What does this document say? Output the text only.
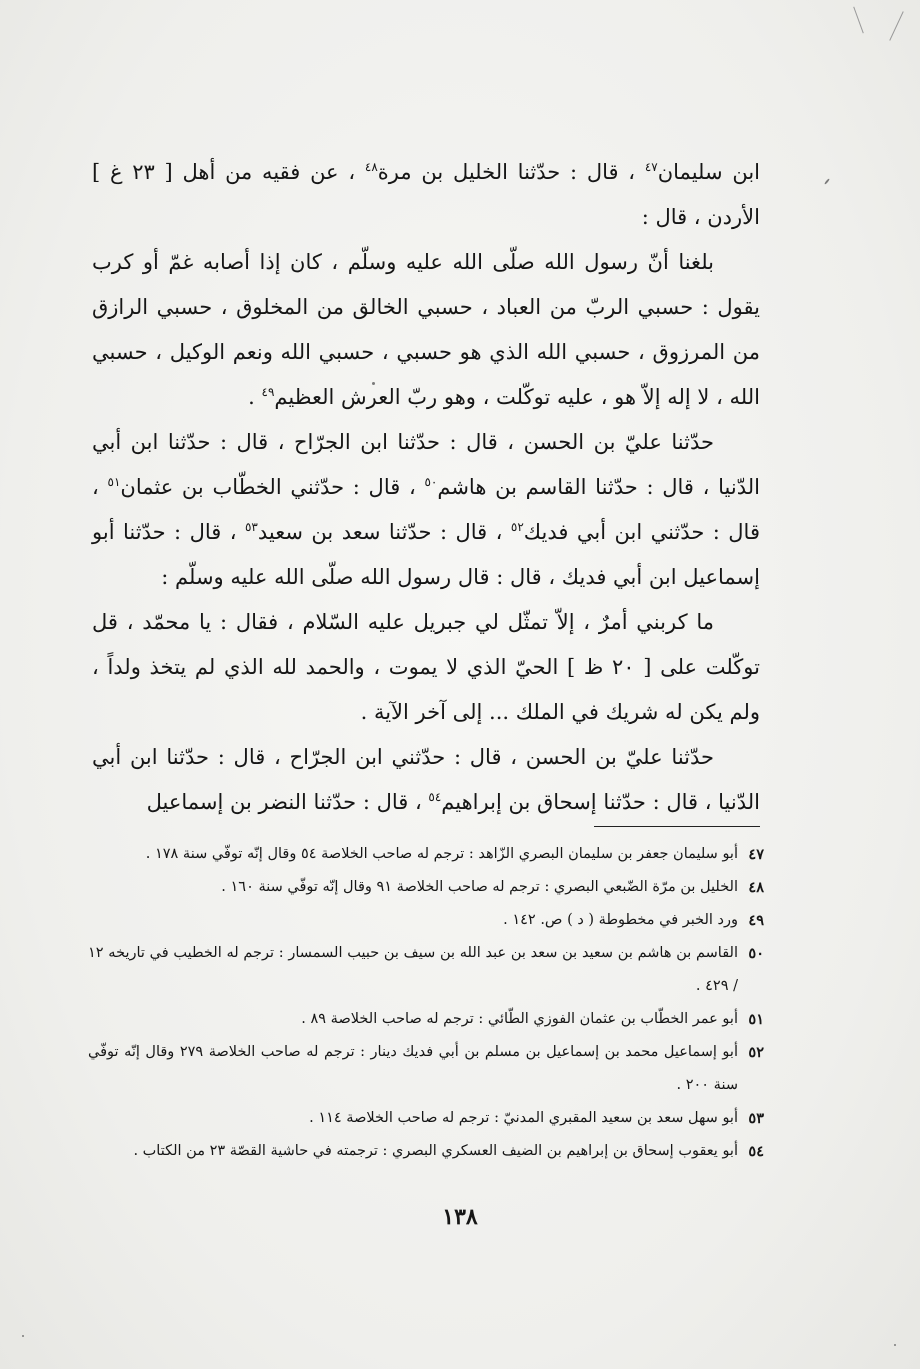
ابن سليمان$^{٤٧}$ ، قال : حدّثنا الخليل بن مرة$^{٤٨}$ ، عن فقيه من أهل [ ٢٣ غ ] الأردن ، قال :

بلغنا أنّ رسول الله صلّى الله عليه وسلّم ، كان إذا أصابه غمّ أو كرب يقول : حسبي الربّ من العباد ، حسبي الخالق من المخلوق ، حسبي الرازق من المرزوق ، حسبي الله الذي هو حسبي ، حسبي الله ونعم الوكيل ، حسبي الله ، لا إله إلاّ هو ، عليه توكّلت ، وهو ربّ العرش العظيم$^{٤٩}$ .

حدّثنا عليّ بن الحسن ، قال : حدّثنا ابن الجرّاح ، قال : حدّثنا ابن أبي الدّنيا ، قال : حدّثنا القاسم بن هاشم$^{٥٠}$ ، قال : حدّثني الخطّاب بن عثمان$^{٥١}$ ، قال : حدّثني ابن أبي فديك$^{٥٢}$ ، قال : حدّثنا سعد بن سعيد$^{٥٣}$ ، قال : حدّثنا أبو إسماعيل ابن أبي فديك ، قال : قال رسول الله صلّى الله عليه وسلّم :

ما كربني أمرٌ ، إلاّ تمثّل لي جبريل عليه السّلام ، فقال : يا محمّد ، قل توكّلت على [ ٢٠ ظ ] الحيّ الذي لا يموت ، والحمد لله الذي لم يتخذ ولداً ، ولم يكن له شريك في الملك ... إلى آخر الآية .

حدّثنا عليّ بن الحسن ، قال : حدّثني ابن الجرّاح ، قال : حدّثنا ابن أبي الدّنيا ، قال : حدّثنا إسحاق بن إبراهيم$^{٥٤}$ ، قال : حدّثنا النضر بن إسماعيل

٤٧
أبو سليمان جعفر بن سليمان البصري الزّاهد : ترجم له صاحب الخلاصة ٥٤ وقال إنّه توفّي سنة ١٧٨ .
٤٨
الخليل بن مرّة الضّبعي البصري : ترجم له صاحب الخلاصة ٩١ وقال إنّه توفّي سنة ١٦٠ .
٤٩
ورد الخبر في مخطوطة ( د ) ص. ١٤٢ .
٥٠
القاسم بن هاشم بن سعيد بن سعد بن عبد الله بن سيف بن حبيب السمسار : ترجم له الخطيب في تاريخه ١٢ / ٤٢٩ .
٥١
أبو عمر الخطّاب بن عثمان الفوزي الطّائي : ترجم له صاحب الخلاصة ٨٩ .
٥٢
أبو إسماعيل محمد بن إسماعيل بن مسلم بن أبي فديك دينار : ترجم له صاحب الخلاصة ٢٧٩ وقال إنّه توفّي سنة ٢٠٠ .
٥٣
أبو سهل سعد بن سعيد المقبري المدنيّ : ترجم له صاحب الخلاصة ١١٤ .
٥٤
أبو يعقوب إسحاق بن إبراهيم بن الضيف العسكري البصري : ترجمته في حاشية القصّة ٢٣ من الكتاب .
١٣٨
